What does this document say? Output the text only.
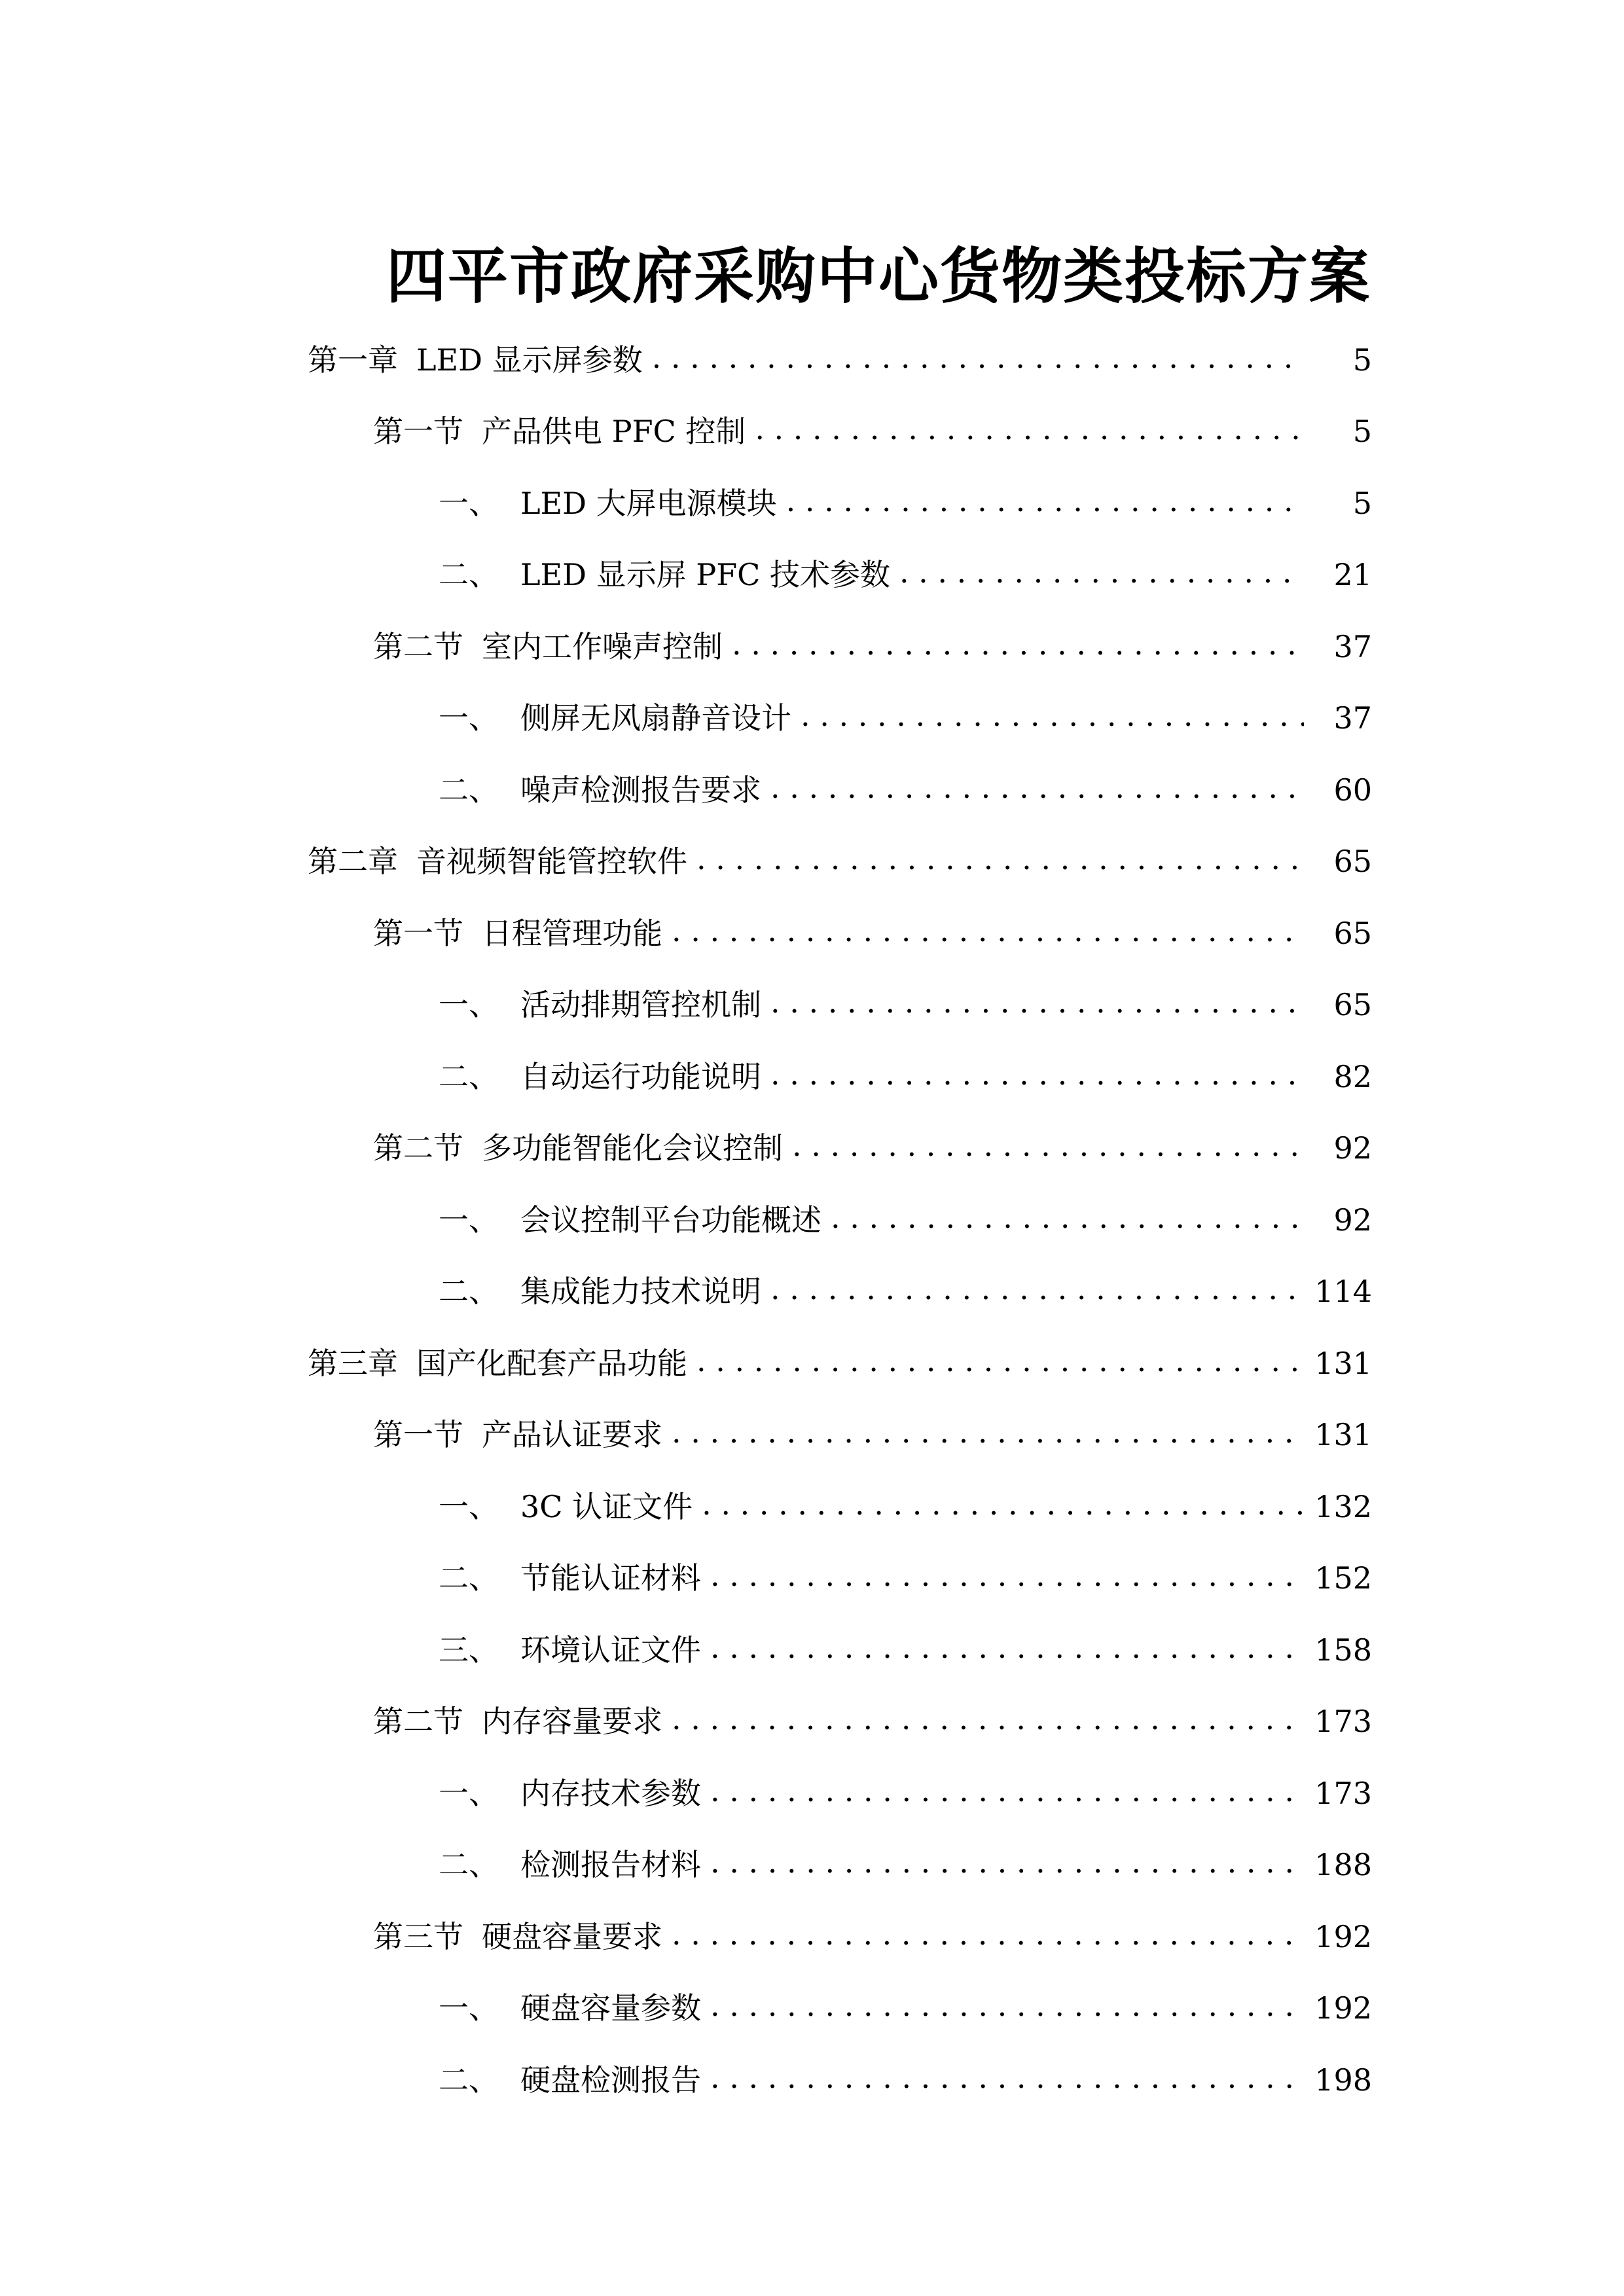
四平市政府采购中心货物类投标方案
第一章 LED 显示屏参数 . . .	5
第一节 产品供电 PFC 控制 . . .	5
一、 LED 大屏电源模块 . . .	5
二、 LED 显示屏 PFC 技术参数 . . .	21
第二节 室内工作噪声控制 . . .	37
一、 侧屏无风扇静音设计 . . .	37
二、 噪声检测报告要求 . . .	60
第二章 音视频智能管控软件 . . .	65
第一节 日程管理功能 . . .	65
一、 活动排期管控机制 . . .	65
二、 自动运行功能说明 . . .	82
第二节 多功能智能化会议控制 . . .	92
一、 会议控制平台功能概述 . . .	92
二、 集成能力技术说明 . . .	114
第三章 国产化配套产品功能 . . .	131
第一节 产品认证要求 . . .	131
一、 3C 认证文件 . . .	132
二、 节能认证材料 . . .	152
三、 环境认证文件 . . .	158
第二节 内存容量要求 . . .	173
一、 内存技术参数 . . .	173
二、 检测报告材料 . . .	188
第三节 硬盘容量要求 . . .	192
一、 硬盘容量参数 . . .	192
二、 硬盘检测报告 . . .	198
